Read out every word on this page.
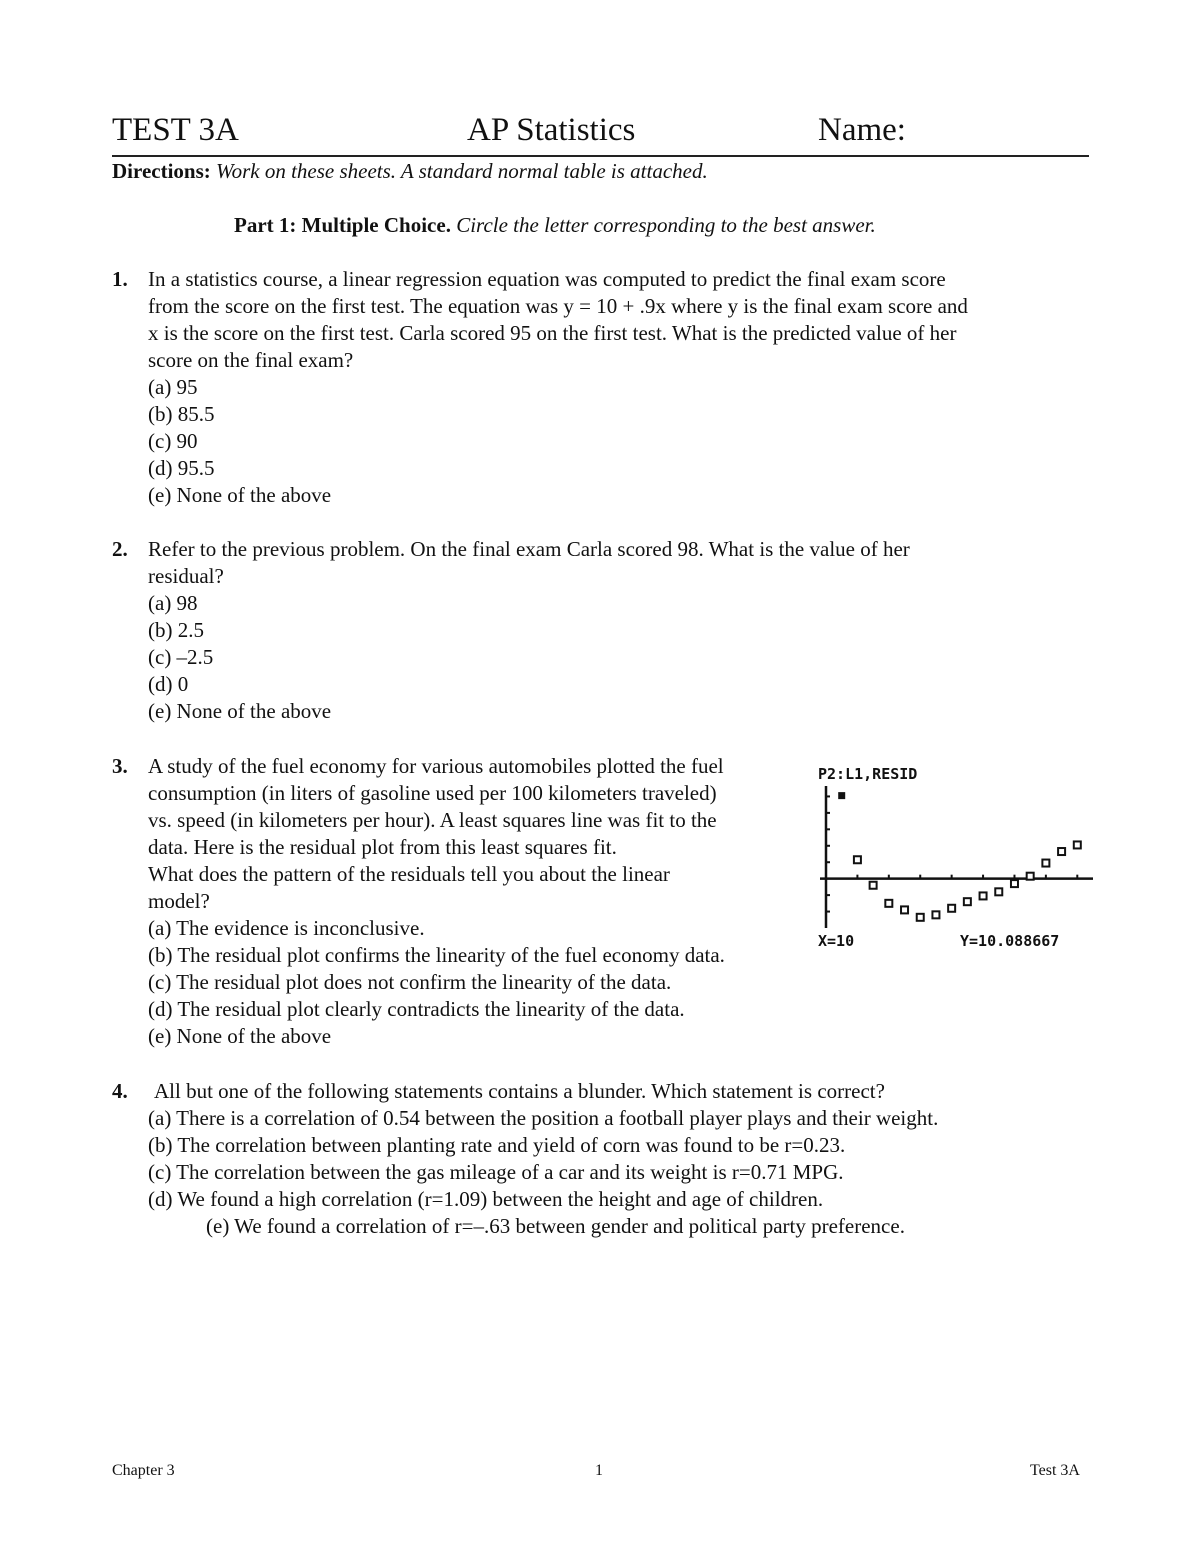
TEST 3A	AP Statistics	Name:
Directions: Work on these sheets. A standard normal table is attached.
Part 1: Multiple Choice. Circle the letter corresponding to the best answer.
1. In a statistics course, a linear regression equation was computed to predict the final exam score
from the score on the first test. The equation was y = 10 + .9x where y is the final exam score and
x is the score on the first test. Carla scored 95 on the first test. What is the predicted value of her
score on the final exam?
(a) 95
(b) 85.5
(c) 90
(d) 95.5
(e) None of the above
2. Refer to the previous problem. On the final exam Carla scored 98. What is the value of her
residual?
(a) 98
(b) 2.5
(c) –2.5
(d) 0
(e) None of the above
3. A study of the fuel economy for various automobiles plotted the fuel
consumption (in liters of gasoline used per 100 kilometers traveled)
vs. speed (in kilometers per hour). A least squares line was fit to the
data. Here is the residual plot from this least squares fit.
What does the pattern of the residuals tell you about the linear
model?
(a) The evidence is inconclusive.
(b) The residual plot confirms the linearity of the fuel economy data.
(c) The residual plot does not confirm the linearity of the data.
(d) The residual plot clearly contradicts the linearity of the data.
(e) None of the above
P2:L1,RESID
X=10	Y=10.088667
4. All but one of the following statements contains a blunder. Which statement is correct?
(a) There is a correlation of 0.54 between the position a football player plays and their weight.
(b) The correlation between planting rate and yield of corn was found to be r=0.23.
(c) The correlation between the gas mileage of a car and its weight is r=0.71 MPG.
(d) We found a high correlation (r=1.09) between the height and age of children.
(e) We found a correlation of r=–.63 between gender and political party preference.
Chapter 3	1	Test 3A
